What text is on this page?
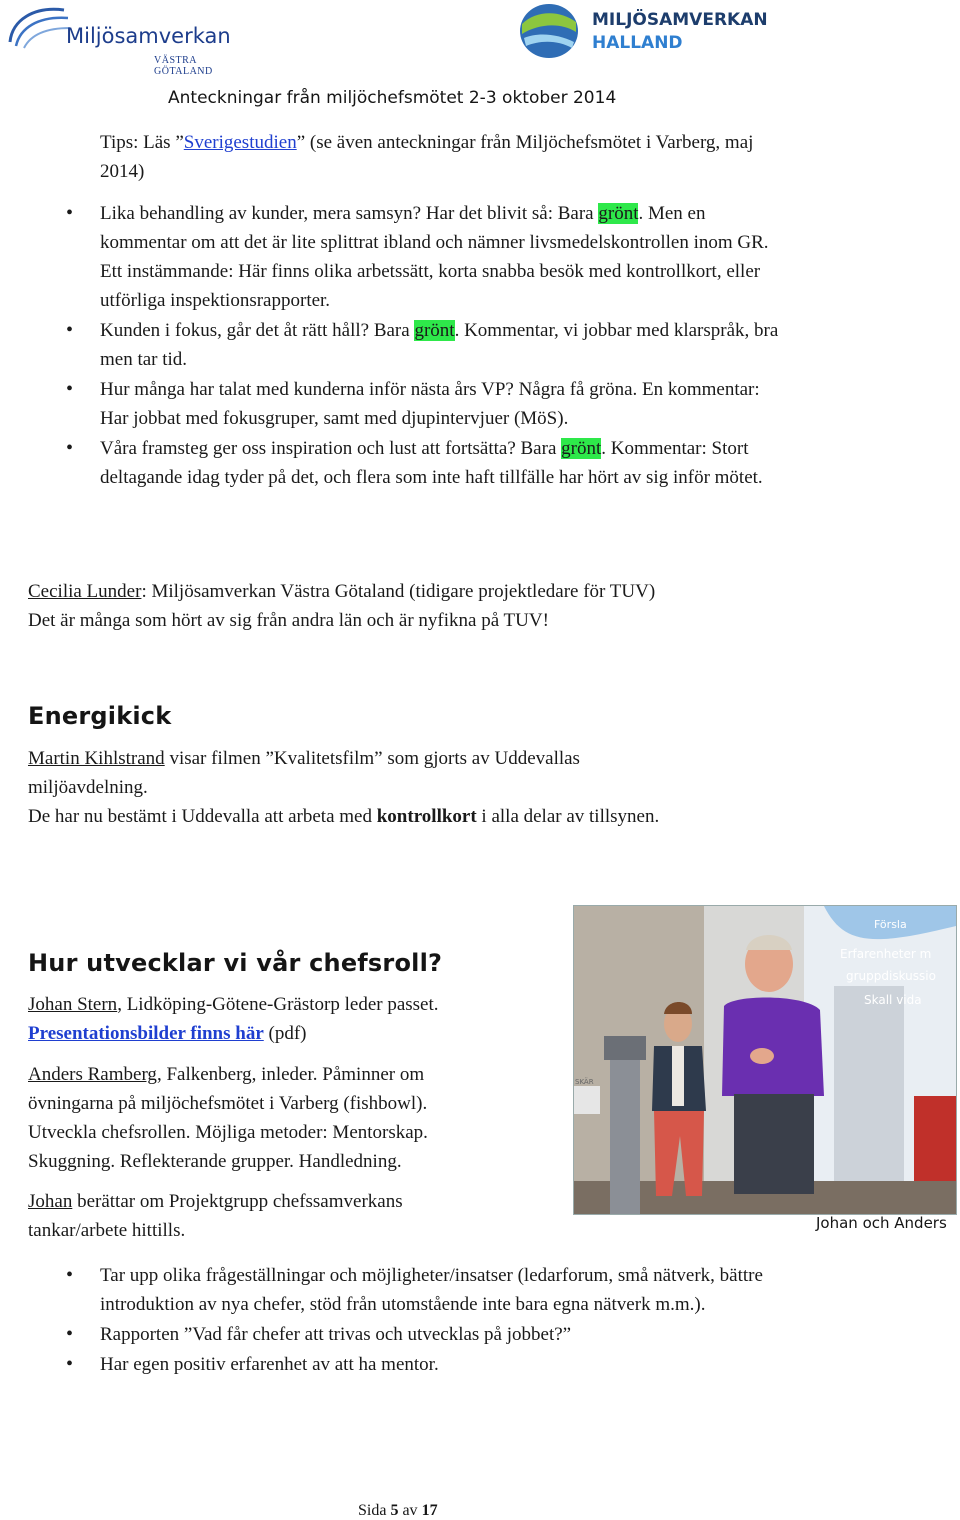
Miljösamverkan
VÄSTRA GÖTALAND
MILJÖSAMVERKAN
HALLAND
Anteckningar från miljöchefsmötet 2-3 oktober 2014
Tips: Läs ”Sverigestudien” (se även anteckningar från Miljöchefsmötet i Varberg, maj 2014)
• Lika behandling av kunder, mera samsyn? Har det blivit så: Bara grönt. Men en kommentar om att det är lite splittrat ibland och nämner livsmedelskontrollen inom GR. Ett instämmande: Här finns olika arbetssätt, korta snabba besök med kontrollkort, eller utförliga inspektionsrapporter.
• Kunden i fokus, går det åt rätt håll? Bara grönt. Kommentar, vi jobbar med klarspråk, bra men tar tid.
• Hur många har talat med kunderna inför nästa års VP? Några få gröna. En kommentar: Har jobbat med fokusgruper, samt med djupintervjuer (MöS).
• Våra framsteg ger oss inspiration och lust att fortsätta? Bara grönt. Kommentar: Stort deltagande idag tyder på det, och flera som inte haft tillfälle har hört av sig inför mötet.
Cecilia Lunder: Miljösamverkan Västra Götaland (tidigare projektledare för TUV)
Det är många som hört av sig från andra län och är nyfikna på TUV!
Energikick
Martin Kihlstrand visar filmen ”Kvalitetsfilm” som gjorts av Uddevallas miljöavdelning.
De har nu bestämt i Uddevalla att arbeta med kontrollkort i alla delar av tillsynen.
Hur utvecklar vi vår chefsroll?
Johan Stern, Lidköping-Götene-Grästorp leder passet.
Presentationsbilder finns här (pdf)
Anders Ramberg, Falkenberg, inleder. Påminner om övningarna på miljöchefsmötet i Varberg (fishbowl). Utveckla chefsrollen. Möjliga metoder: Mentorskap. Skuggning. Reflekterande grupper. Handledning.
Johan berättar om Projektgrupp chefssamverkans tankar/arbete hittills.
Försla
Erfarenheter m
gruppdiskussio
Skall vida
SKÄR
Johan och Anders
• Tar upp olika frågeställningar och möjligheter/insatser (ledarforum, små nätverk, bättre introduktion av nya chefer, stöd från utomstående inte bara egna nätverk m.m.).
• Rapporten ”Vad får chefer att trivas och utvecklas på jobbet?”
• Har egen positiv erfarenhet av att ha mentor.
Sida 5 av 17
